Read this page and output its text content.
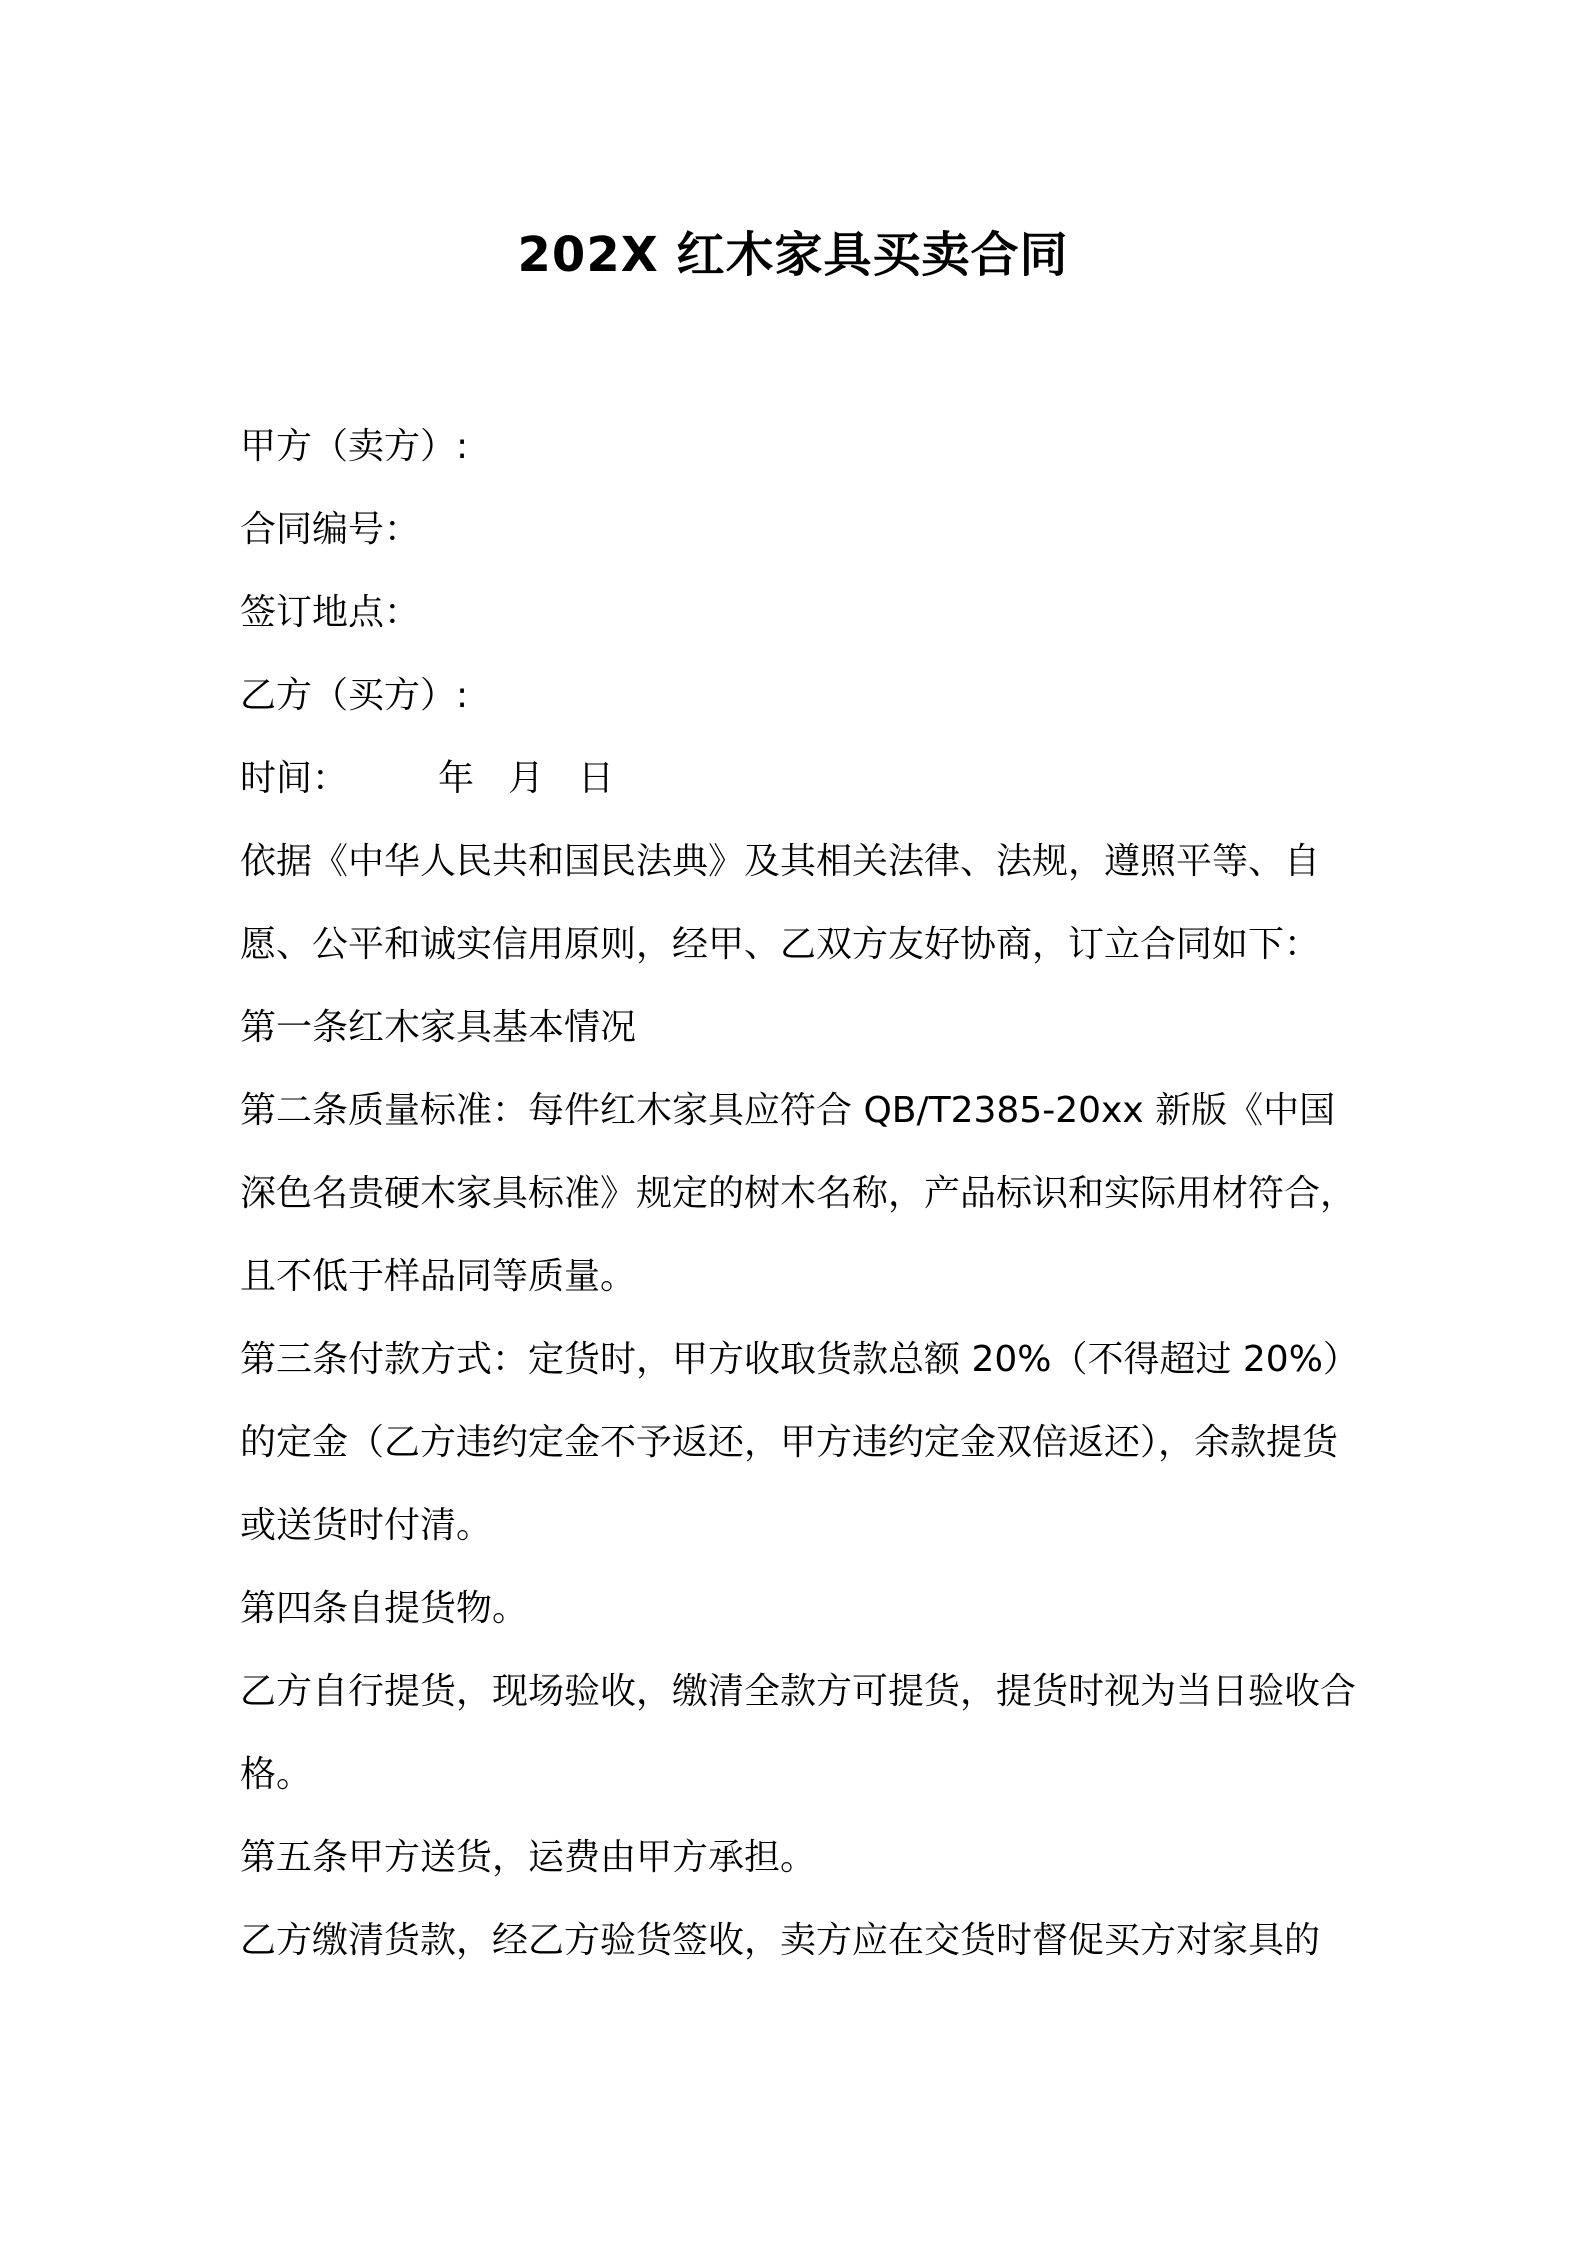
202X 红木家具买卖合同

甲方（卖方）:

合同编号：

签订地点：

乙方（买方）:

时间：	年 月 日

依据《中华人民共和国民法典》及其相关法律、法规，遵照平等、自愿、公平和诚实信用原则，经甲、乙双方友好协商，订立合同如下：

第一条红木家具基本情况

第二条质量标准：每件红木家具应符合 QB/T2385-20xx 新版《中国深色名贵硬木家具标准》规定的树木名称，产品标识和实际用材符合，且不低于样品同等质量。

第三条付款方式：定货时，甲方收取货款总额 20%（不得超过 20%）的定金（乙方违约定金不予返还，甲方违约定金双倍返还），余款提货或送货时付清。

第四条自提货物。

乙方自行提货，现场验收，缴清全款方可提货，提货时视为当日验收合格。

第五条甲方送货，运费由甲方承担。

乙方缴清货款，经乙方验货签收，卖方应在交货时督促买方对家具的
